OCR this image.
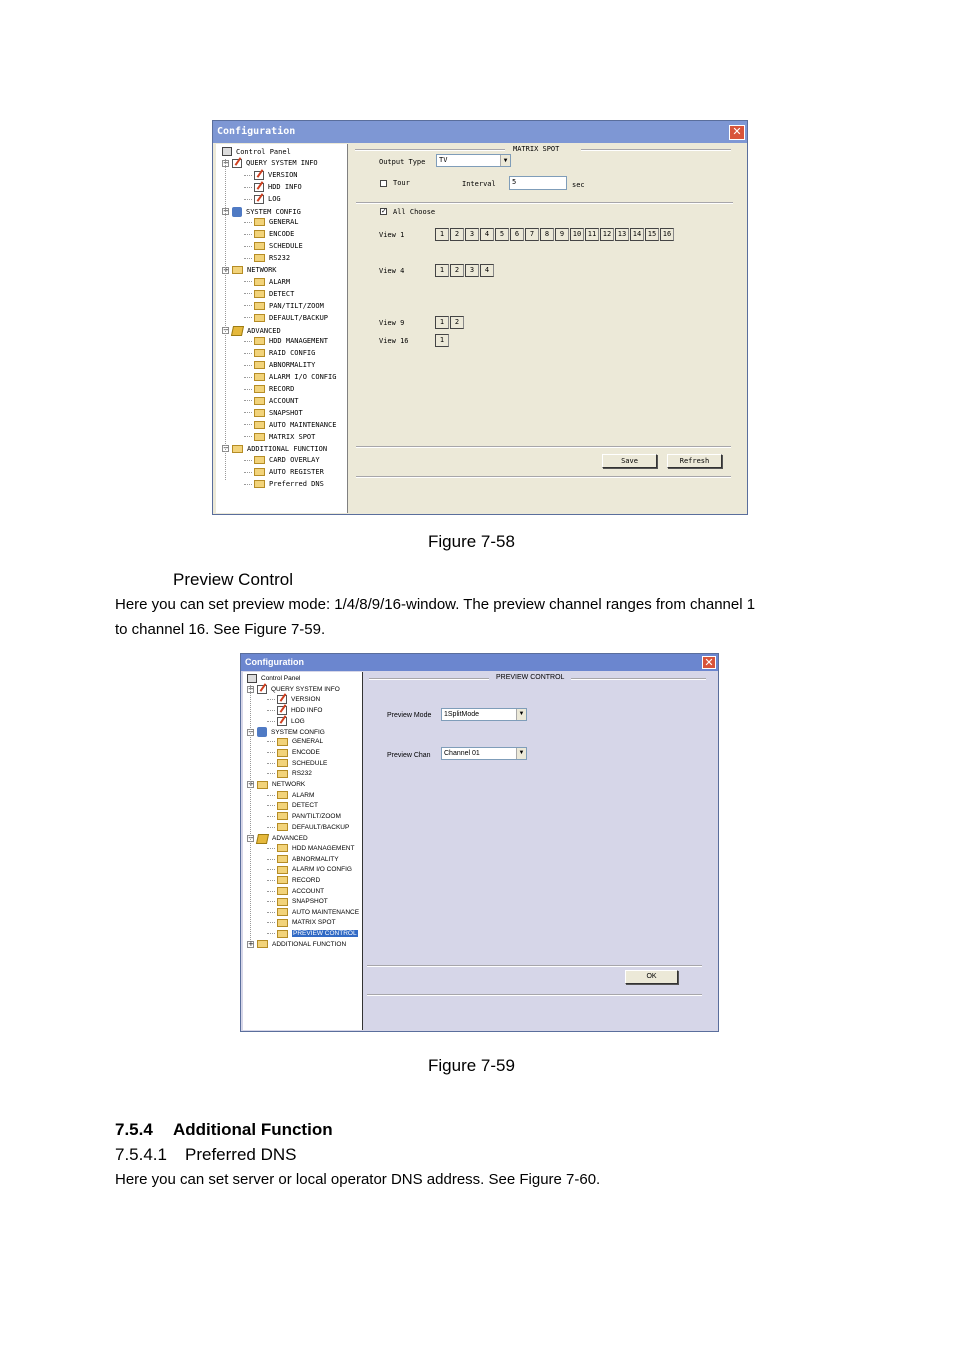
Configuration	✕
Control Panel
− QUERY SYSTEM INFO
VERSION
HDD INFO
LOG
− SYSTEM CONFIG
GENERAL
ENCODE
SCHEDULE
RS232
+	NETWORK
ALARM
DETECT
PAN/TILT/ZOOM
DEFAULT/BACKUP
−	ADVANCED
HDD MANAGEMENT
RAID CONFIG
ABNORMALITY
ALARM I/O CONFIG
RECORD
ACCOUNT
SNAPSHOT
AUTO MAINTENANCE
MATRIX SPOT
−	ADDITIONAL FUNCTION
CARD OVERLAY
AUTO REGISTER
Preferred DNS
MATRIX SPOT
Output Type	TV	▼
Tour	Interval	5	sec
✓ All Choose
View 1	1	2	3	4	5	6	7	8	9	10 11 12 13 14 15 16
View 4	1	2	3	4
View 9	1	2
View 16	1
Save	Refresh
Figure 7-58
Preview Control
Here you can set preview mode: 1/4/8/9/16-window. The preview channel ranges from channel 1
to channel 16. See Figure 7-59.
Configuration	✕
Control Panel
−	QUERY SYSTEM INFO
VERSION
HDD INFO
LOG
−	SYSTEM CONFIG
GENERAL
ENCODE
SCHEDULE
RS232
+	NETWORK
ALARM
DETECT
PAN/TILT/ZOOM
DEFAULT/BACKUP
−	ADVANCED
HDD MANAGEMENT
ABNORMALITY
ALARM I/O CONFIG
RECORD
ACCOUNT
SNAPSHOT
AUTO MAINTENANCE
MATRIX SPOT
PREVIEW CONTROL
+	ADDITIONAL FUNCTION
PREVIEW CONTROL
Preview Mode	1SplitMode	▼
Preview Chan	Channel 01	▼
OK
Figure 7-59
7.5.4 Additional Function
7.5.4.1 Preferred DNS
Here you can set server or local operator DNS address. See Figure 7-60.
